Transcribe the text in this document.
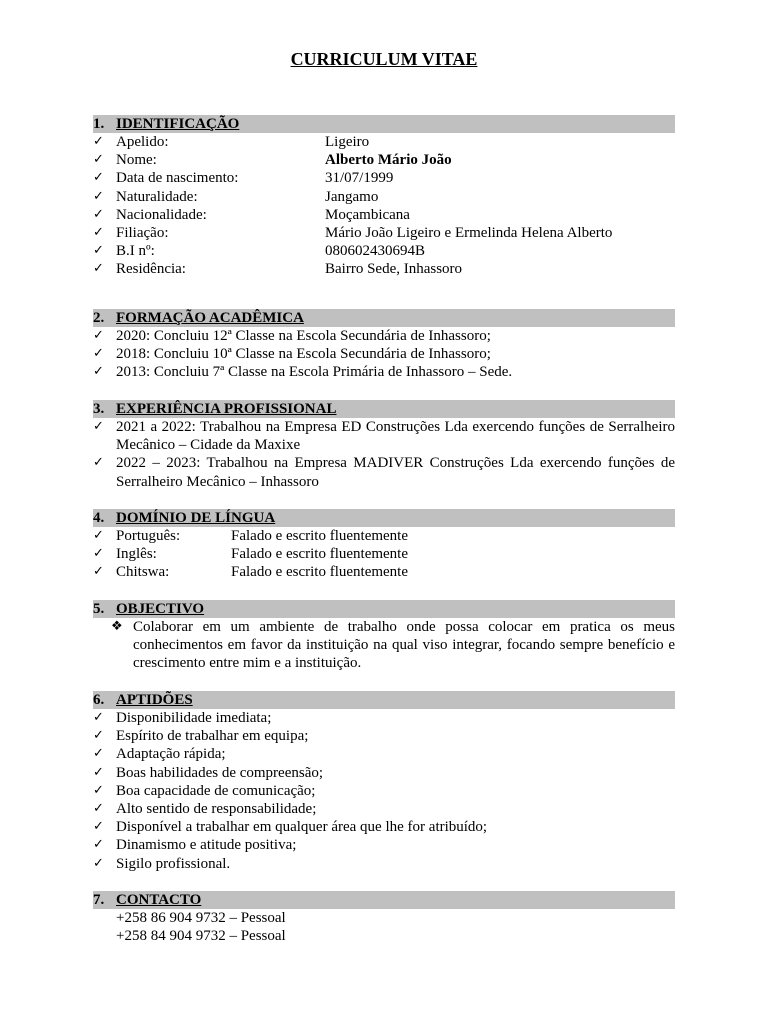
CURRICULUM VITAE
1. IDENTIFICAÇÃO
✓ Apelido:	Ligeiro
✓ Nome:	Alberto Mário João
✓ Data de nascimento:	31/07/1999
✓ Naturalidade:	Jangamo
✓ Nacionalidade:	Moçambicana
✓ Filiação:	Mário João Ligeiro e Ermelinda Helena Alberto
✓ B.I nº:	080602430694B
✓ Residência:	Bairro Sede, Inhassoro
2. FORMAÇÃO ACADÊMICA
✓ 2020: Concluiu 12ª Classe na Escola Secundária de Inhassoro;
✓ 2018: Concluiu 10ª Classe na Escola Secundária de Inhassoro;
✓ 2013: Concluiu 7ª Classe na Escola Primária de Inhassoro – Sede.
3. EXPERIÊNCIA PROFISSIONAL
✓ 2021 a 2022: Trabalhou na Empresa ED Construções Lda exercendo funções de Serralheiro Mecânico – Cidade da Maxixe
✓ 2022 – 2023: Trabalhou na Empresa MADIVER Construções Lda exercendo funções de Serralheiro Mecânico – Inhassoro
4. DOMÍNIO DE LÍNGUA
✓ Português:	Falado e escrito fluentemente
✓ Inglês:	Falado e escrito fluentemente
✓ Chitswa:	Falado e escrito fluentemente
5. OBJECTIVO
❖ Colaborar em um ambiente de trabalho onde possa colocar em pratica os meus conhecimentos em favor da instituição na qual viso integrar, focando sempre benefício e crescimento entre mim e a instituição.
6. APTIDÕES
✓ Disponibilidade imediata;
✓ Espírito de trabalhar em equipa;
✓ Adaptação rápida;
✓ Boas habilidades de compreensão;
✓ Boa capacidade de comunicação;
✓ Alto sentido de responsabilidade;
✓ Disponível a trabalhar em qualquer área que lhe for atribuído;
✓ Dinamismo e atitude positiva;
✓ Sigilo profissional.
7. CONTACTO
+258 86 904 9732 – Pessoal
+258 84 904 9732 – Pessoal
